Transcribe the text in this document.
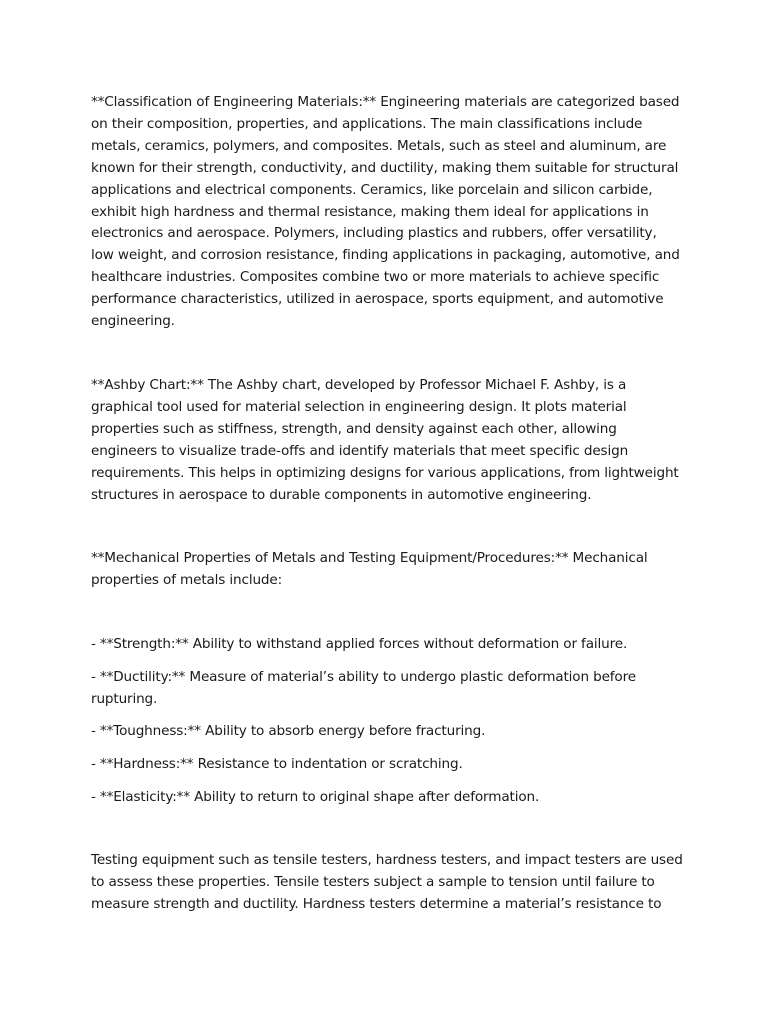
**Classification of Engineering Materials:** Engineering materials are categorized based on their composition, properties, and applications. The main classifications include metals, ceramics, polymers, and composites. Metals, such as steel and aluminum, are known for their strength, conductivity, and ductility, making them suitable for structural applications and electrical components. Ceramics, like porcelain and silicon carbide, exhibit high hardness and thermal resistance, making them ideal for applications in electronics and aerospace. Polymers, including plastics and rubbers, offer versatility, low weight, and corrosion resistance, finding applications in packaging, automotive, and healthcare industries. Composites combine two or more materials to achieve specific performance characteristics, utilized in aerospace, sports equipment, and automotive engineering.

**Ashby Chart:** The Ashby chart, developed by Professor Michael F. Ashby, is a graphical tool used for material selection in engineering design. It plots material properties such as stiffness, strength, and density against each other, allowing engineers to visualize trade-offs and identify materials that meet specific design requirements. This helps in optimizing designs for various applications, from lightweight structures in aerospace to durable components in automotive engineering.

**Mechanical Properties of Metals and Testing Equipment/Procedures:** Mechanical properties of metals include:

- **Strength:** Ability to withstand applied forces without deformation or failure.

- **Ductility:** Measure of material’s ability to undergo plastic deformation before rupturing.

- **Toughness:** Ability to absorb energy before fracturing.

- **Hardness:** Resistance to indentation or scratching.

- **Elasticity:** Ability to return to original shape after deformation.

Testing equipment such as tensile testers, hardness testers, and impact testers are used to assess these properties. Tensile testers subject a sample to tension until failure to measure strength and ductility. Hardness testers determine a material’s resistance to
